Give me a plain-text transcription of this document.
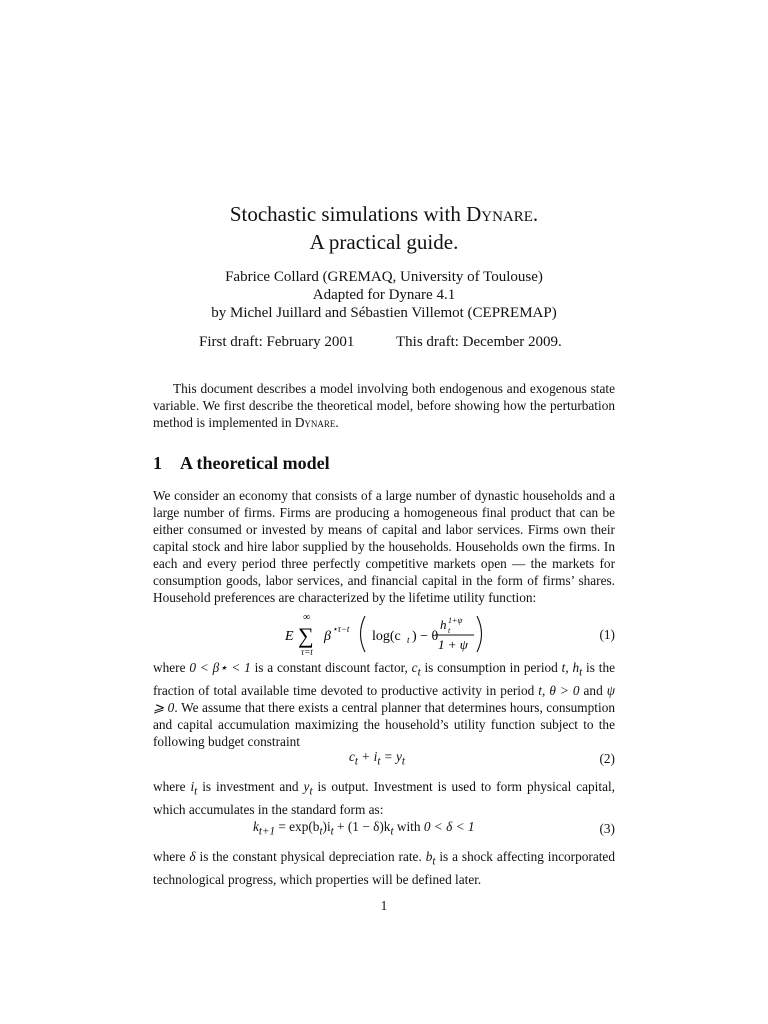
Stochastic simulations with Dynare.
A practical guide.
Fabrice Collard (GREMAQ, University of Toulouse)
Adapted for Dynare 4.1
by Michel Juillard and Sébastien Villemot (CEPREMAP)
First draft: February 2001	This draft: December 2009.
This document describes a model involving both endogenous and exogenous state variable. We first describe the theoretical model, before showing how the perturbation method is implemented in Dynare.
1 A theoretical model
We consider an economy that consists of a large number of dynastic households and a large number of firms. Firms are producing a homogeneous final product that can be either consumed or invested by means of capital and labor services. Firms own their capital stock and hire labor supplied by the households. Households own the firms. In each and every period three perfectly competitive markets open — the markets for consumption goods, labor services, and financial capital in the form of firms’ shares. Household preferences are characterized by the lifetime utility function:
E
∞
∑
τ=t
β ⋆τ−t log(c t ) − θ
h 1+ψ
t
1 + ψ
(1)
where 0 < β⋆ < 1 is a constant discount factor, $c_t$ is consumption in period t, $h_t$ is the fraction of total available time devoted to productive activity in period t, θ > 0 and ψ ⩾ 0. We assume that there exists a central planner that determines hours, consumption and capital accumulation maximizing the household’s utility function subject to the following budget constraint
$c_t + i_t = y_t$	(2)
where $i_t$ is investment and $y_t$ is output. Investment is used to form physical capital, which accumulates in the standard form as:
$k_{t+1} = \exp(b_t)i_t + (1 - \delta)k_t$ with 0 < δ < 1	(3)
where δ is the constant physical depreciation rate. $b_t$ is a shock affecting incorporated technological progress, which properties will be defined later.
1
